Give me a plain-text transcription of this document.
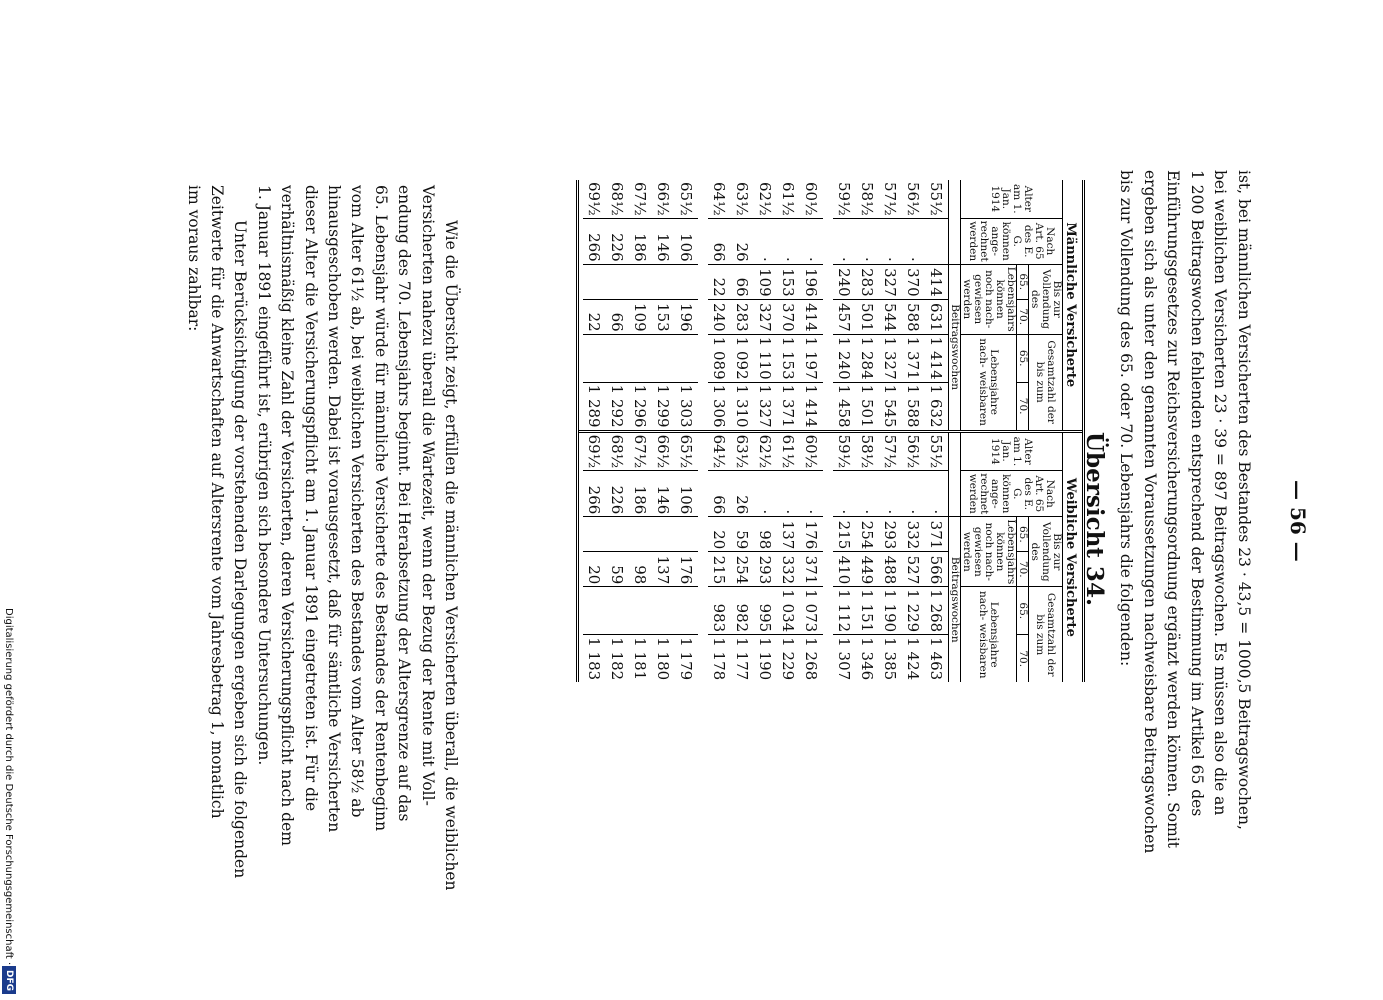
ist, bei männlichen Versicherten des Bestandes 23 · 43,5 = 1000,5 Beitragswochen,
bei weiblichen Versicherten 23 · 39 = 897 Beitragswochen. Es müssen also die an
1 200 Beitragswochen fehlenden entsprechend der Bestimmung im Artikel 65 des
Einführungsgesetzes zur Reichsversicherungsordnung ergänzt werden können. Somit
ergeben sich als unter den genannten Voraussetzungen nachweisbare Beitragswochen
bis zur Vollendung des 65. oder 70. Lebensjahrs die folgenden:	— 56 —
Übersicht 34.
Männliche Versicherte					
Alter am 1. Jan. 1914	Nach Art. 65 des E. G. können ange- rechnet werden	Bis zur Vollendung des		Gesamtzahl der bis zum	
		65.	70.	65.	70.
		Lebensjahrs können noch nach- gewiesen werden		Lebensjahre nach- weisbaren	
		Beitragswochen			
55½		414	631	1 414	1 632
56½	·	370	588	1 371	1 588
57½	·	327	544	1 327	1 545
58½	·	283	501	1 284	1 501
59½	·	240	457	1 240	1 458

60½	·	196	414	1 197	1 414
61½	·	153	370	1 153	1 371
62½	·	109	327	1 110	1 327
63½	26	66	283	1 092	1 310
64½	66	22	240	1 089	1 306

65½	106		196		1 303
66½	146		153		1 299
67½	186		109		1 296
68½	226		66		1 292
69½	266		22		1 289

Weibliche Versicherte					
Alter am 1. Jan. 1914	Nach Art. 65 des E. G. können ange- rechnet werden	Bis zur Vollendung des		Gesamtzahl der bis zum	
		65.	70.	65.	70.
		Lebensjahrs können noch nach- gewiesen werden		Lebensjahre nach- weisbaren	
		Beitragswochen			
55½	·	371	566	1 268	1 463
56½	·	332	527	1 229	1 424
57½	·	293	488	1 190	1 385
58½	·	254	449	1 151	1 346
59½	·	215	410	1 112	1 307

60½	·	176	371	1 073	1 268
61½	·	137	332	1 034	1 229
62½	·	98	293	995	1 190
63½	26	59	254	982	1 177
64½	66	20	215	983	1 178

65½	106		176		1 179
66½	146		137		1 180
67½	186		98		1 181
68½	226		59		1 182
69½	266		20		1 183

Wie die Übersicht zeigt, erfüllen die männlichen Versicherten überall, die weiblichen
Versicherten nahezu überall die Wartezeit, wenn der Bezug der Rente mit Voll-
endung des 70. Lebensjahrs beginnt. Bei Herabsetzung der Altersgrenze auf das
65. Lebensjahr würde für männliche Versicherte des Bestandes der Rentenbeginn
vom Alter 61½ ab, bei weiblichen Versicherten des Bestandes vom Alter 58½ ab
hinausgeschoben werden. Dabei ist vorausgesetzt, daß für sämtliche Versicherten
dieser Alter die Versicherungspflicht am 1. Januar 1891 eingetreten ist. Für die
verhältnismäßig kleine Zahl der Versicherten, deren Versicherungspflicht nach dem
1. Januar 1891 eingeführt ist, erübrigen sich besondere Untersuchungen.
Unter Berücksichtigung der vorstehenden Darlegungen ergeben sich die folgenden
Zeitwerte für die Anwartschaften auf Altersrente vom Jahresbetrag 1, monatlich
im voraus zahlbar:
Digitalisierung gefördert durch die Deutsche Forschungsgemeinschaft ·
DFG
